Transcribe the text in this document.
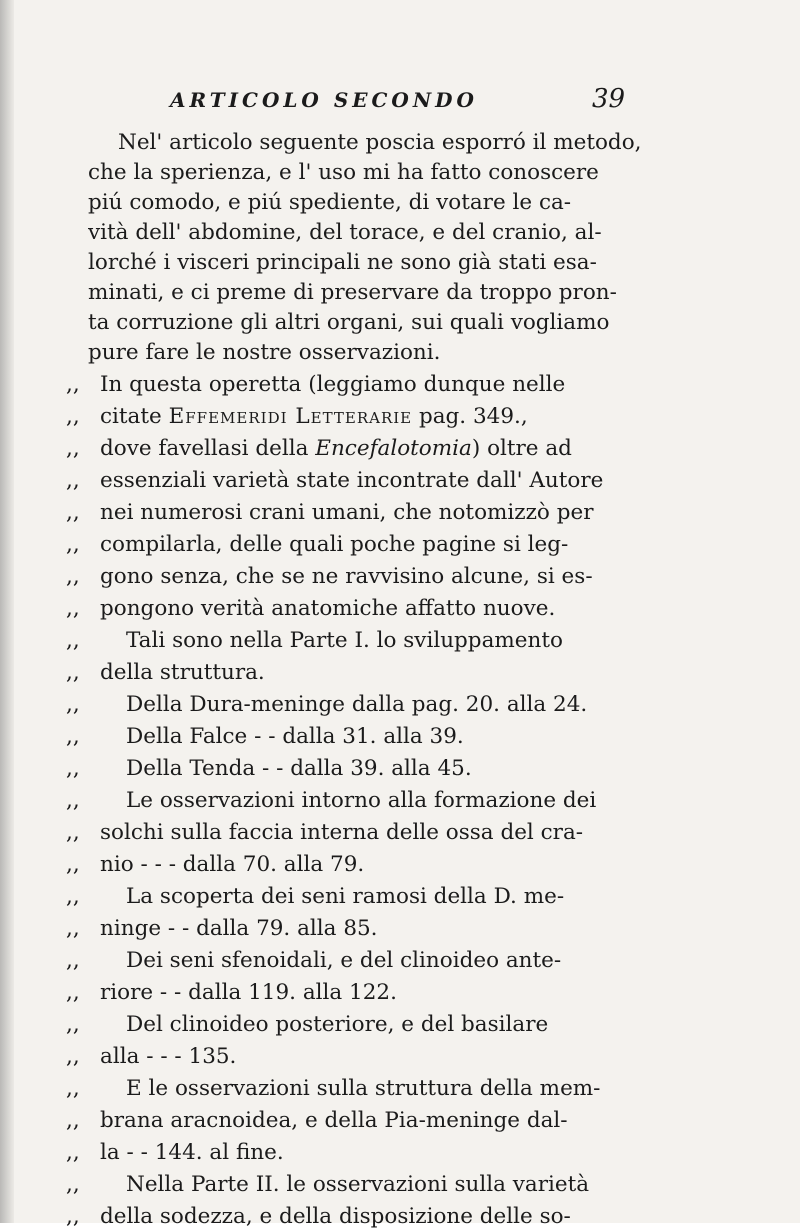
ARTICOLO SECONDO	39
Nel' articolo seguente poscia esporró il metodo,
che la sperienza, e l' uso mi ha fatto conoscere
piú comodo, e piú spediente, di votare le ca-
vità dell' abdomine, del torace, e del cranio, al-
lorché i visceri principali ne sono già stati esa-
minati, e ci preme di preservare da troppo pron-
ta corruzione gli altri organi, sui quali vogliamo
pure fare le nostre osservazioni.
,, In questa operetta (leggiamo dunque nelle
,, citate Effemeridi Letterarie pag. 349.,
,, dove favellasi della Encefalotomia) oltre ad
,, essenziali varietà state incontrate dall' Autore
,, nei numerosi crani umani, che notomizzò per
,, compilarla, delle quali poche pagine si leg-
,, gono senza, che se ne ravvisino alcune, si es-
,, pongono verità anatomiche affatto nuove.
,, Tali sono nella Parte I. lo sviluppamento
,, della struttura.
,, Della Dura-meninge dalla pag. 20. alla 24.
,, Della Falce - - dalla 31. alla 39.
,, Della Tenda - - dalla 39. alla 45.
,, Le osservazioni intorno alla formazione dei
,, solchi sulla faccia interna delle ossa del cra-
,, nio - - - dalla 70. alla 79.
,, La scoperta dei seni ramosi della D. me-
,, ninge - - dalla 79. alla 85.
,, Dei seni sfenoidali, e del clinoideo ante-
,, riore - - dalla 119. alla 122.
,, Del clinoideo posteriore, e del basilare
,, alla - - - 135.
,, E le osservazioni sulla struttura della mem-
,, brana aracnoidea, e della Pia-meninge dal-
,, la - - 144. al fine.
,, Nella Parte II. le osservazioni sulla varietà
,, della sodezza, e della disposizione delle so-
